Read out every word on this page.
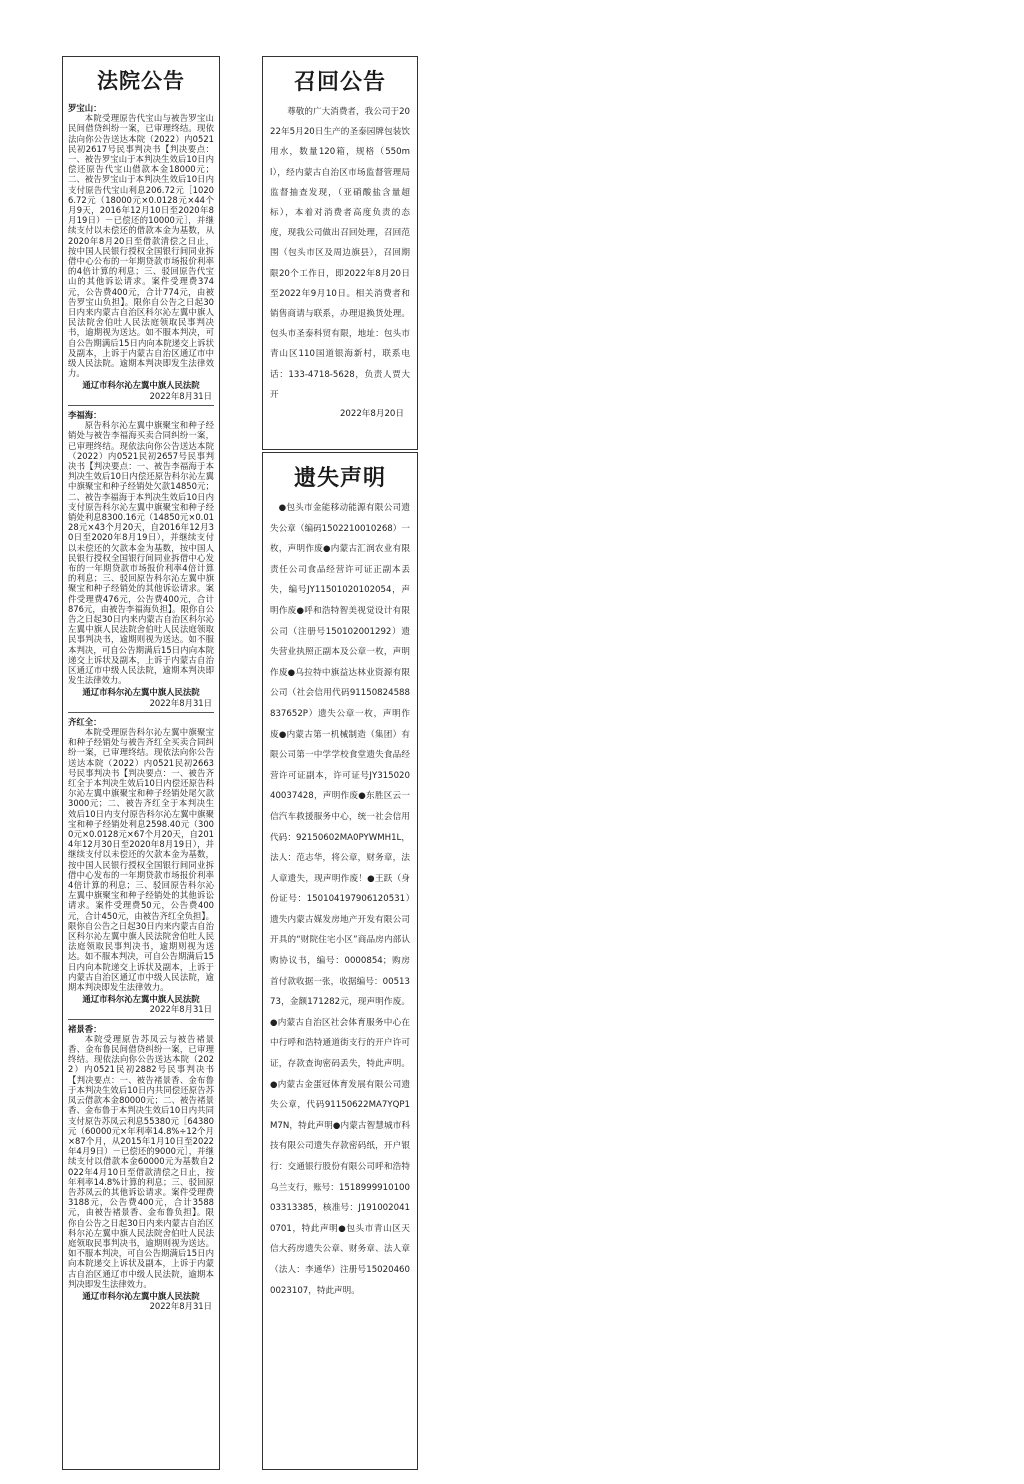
法院公告

罗宝山：

本院受理原告代宝山与被告罗宝山民间借贷纠纷一案，已审理终结。现依法向你公告送达本院（2022）内0521民初2617号民事判决书【判决要点：一、被告罗宝山于本判决生效后10日内偿还原告代宝山借款本金18000元；二、被告罗宝山于本判决生效后10日内支付原告代宝山利息206.72元［10206.72元（18000元×0.0128元×44个月9天，2016年12月10日至2020年8月19日）－已偿还的10000元］，并继续支付以未偿还的借款本金为基数，从2020年8月20日至借款清偿之日止，按中国人民银行授权全国银行间同业拆借中心公布的一年期贷款市场报价利率的4倍计算的利息；三、驳回原告代宝山的其他诉讼请求。案件受理费374元，公告费400元，合计774元，由被告罗宝山负担】。限你自公告之日起30日内来内蒙古自治区科尔沁左翼中旗人民法院舍伯吐人民法庭领取民事判决书，逾期视为送达。如不服本判决，可自公告期满后15日内向本院递交上诉状及副本，上诉于内蒙古自治区通辽市中级人民法院。逾期本判决即发生法律效力。

通辽市科尔沁左翼中旗人民法院

2022年8月31日

李福海：

原告科尔沁左翼中旗聚宝和种子经销处与被告李福海买卖合同纠纷一案，已审理终结。现依法向你公告送达本院（2022）内0521民初2657号民事判决书【判决要点：一、被告李福海于本判决生效后10日内偿还原告科尔沁左翼中旗聚宝和种子经销处欠款14850元；二、被告李福海于本判决生效后10日内支付原告科尔沁左翼中旗聚宝和种子经销处利息8300.16元（14850元×0.0128元×43个月20天，自2016年12月30日至2020年8月19日），并继续支付以未偿还的欠款本金为基数，按中国人民银行授权全国银行间同业拆借中心发布的一年期贷款市场报价利率4倍计算的利息；三、驳回原告科尔沁左翼中旗聚宝和种子经销处的其他诉讼请求。案件受理费476元，公告费400元，合计876元，由被告李福海负担】。限你自公告之日起30日内来内蒙古自治区科尔沁左翼中旗人民法院舍伯吐人民法庭领取民事判决书，逾期则视为送达。如不服本判决，可自公告期满后15日内向本院递交上诉状及副本，上诉于内蒙古自治区通辽市中级人民法院，逾期本判决即发生法律效力。

通辽市科尔沁左翼中旗人民法院

2022年8月31日

齐红全：

本院受理原告科尔沁左翼中旗聚宝和种子经销处与被告齐红全买卖合同纠纷一案，已审理终结。现依法向你公告送达本院（2022）内0521民初2663号民事判决书【判决要点：一、被告齐红全于本判决生效后10日内偿还原告科尔沁左翼中旗聚宝和种子经销处尾欠款3000元；二、被告齐红全于本判决生效后10日内支付原告科尔沁左翼中旗聚宝和种子经销处利息2598.40元（3000元×0.0128元×67个月20天，自2014年12月30日至2020年8月19日），并继续支付以未偿还的欠款本金为基数，按中国人民银行授权全国银行间同业拆借中心发布的一年期贷款市场报价利率4倍计算的利息；三、驳回原告科尔沁左翼中旗聚宝和种子经销处的其他诉讼请求。案件受理费50元，公告费400元，合计450元，由被告齐红全负担】。限你自公告之日起30日内来内蒙古自治区科尔沁左翼中旗人民法院舍伯吐人民法庭领取民事判决书，逾期则视为送达。如不服本判决，可自公告期满后15日内向本院递交上诉状及副本，上诉于内蒙古自治区通辽市中级人民法院，逾期本判决即发生法律效力。

通辽市科尔沁左翼中旗人民法院

2022年8月31日

褚景香：

本院受理原告苏凤云与被告褚景香、金布鲁民间借贷纠纷一案，已审理终结。现依法向你公告送达本院（2022）内0521民初2882号民事判决书【判决要点：一、被告褚景香、金布鲁于本判决生效后10日内共同偿还原告苏凤云借款本金80000元；二、被告褚景香、金布鲁于本判决生效后10日内共同支付原告苏凤云利息55380元［64380元（60000元×年利率14.8%÷12个月×87个月，从2015年1月10日至2022年4月9日）－已偿还的9000元］，并继续支付以借款本金60000元为基数自2022年4月10日至借款清偿之日止，按年利率14.8%计算的利息；三、驳回原告苏凤云的其他诉讼请求。案件受理费3188元，公告费400元，合计3588元，由被告褚景香、金布鲁负担】。限你自公告之日起30日内来内蒙古自治区科尔沁左翼中旗人民法院舍伯吐人民法庭领取民事判决书，逾期则视为送达。如不服本判决，可自公告期满后15日内向本院递交上诉状及副本，上诉于内蒙古自治区通辽市中级人民法院，逾期本判决即发生法律效力。

通辽市科尔沁左翼中旗人民法院

2022年8月31日

召回公告

尊敬的广大消费者，我公司于2022年5月20日生产的圣泰园牌包装饮用水，数量120箱，规格（550ml），经内蒙古自治区市场监督管理局监督抽查发现，（亚硝酸盐含量超标），本着对消费者高度负责的态度，现我公司做出召回处理，召回范围（包头市区及周边旗县），召回期限20个工作日，即2022年8月20日至2022年9月10日。相关消费者和销售商请与联系，办理退换货处理。包头市圣泰科贸有限，地址：包头市青山区110国道银海新村，联系电话：133-4718-5628，负责人贾大开

2022年8月20日

遗失声明

●包头市金能移动能源有限公司遗失公章（编码1502210010268）一枚，声明作废●内蒙古汇润农业有限责任公司食品经营许可证正副本丢失，编号JY11501020102054，声明作废●呼和浩特智美视觉设计有限公司（注册号150102001292）遗失营业执照正副本及公章一枚，声明作废●乌拉特中旗益达林业资源有限公司（社会信用代码91150824588837652P）遗失公章一枚，声明作废●内蒙古第一机械制造（集团）有限公司第一中学学校食堂遗失食品经营许可证副本，许可证号JY31502040037428，声明作废●东胜区云一信汽车救援服务中心，统一社会信用代码：92150602MA0PYWMH1L，法人：范志华，将公章，财务章，法人章遗失，现声明作废！●王跃（身份证号：150104197906120531）遗失内蒙古媒发房地产开发有限公司开具的“财院住宅小区”商品房内部认购协议书，编号：0000854；购房首付款收据一张，收据编号：0051373，金额171282元，现声明作废。●内蒙古自治区社会体育服务中心在中行呼和浩特通道街支行的开户许可证，存款查询密码丢失，特此声明。●内蒙古金蛋冠体育发展有限公司遗失公章，代码91150622MA7YQP1M7N，特此声明●内蒙古智慧城市科技有限公司遗失存款密码纸，开户银行：交通银行股份有限公司呼和浩特乌兰支行，账号：151899991010003313385，核准号：J1910020410701，特此声明●包头市青山区天信大药房遗失公章、财务章、法人章（法人：李通华）注册号150204600023107，特此声明。
